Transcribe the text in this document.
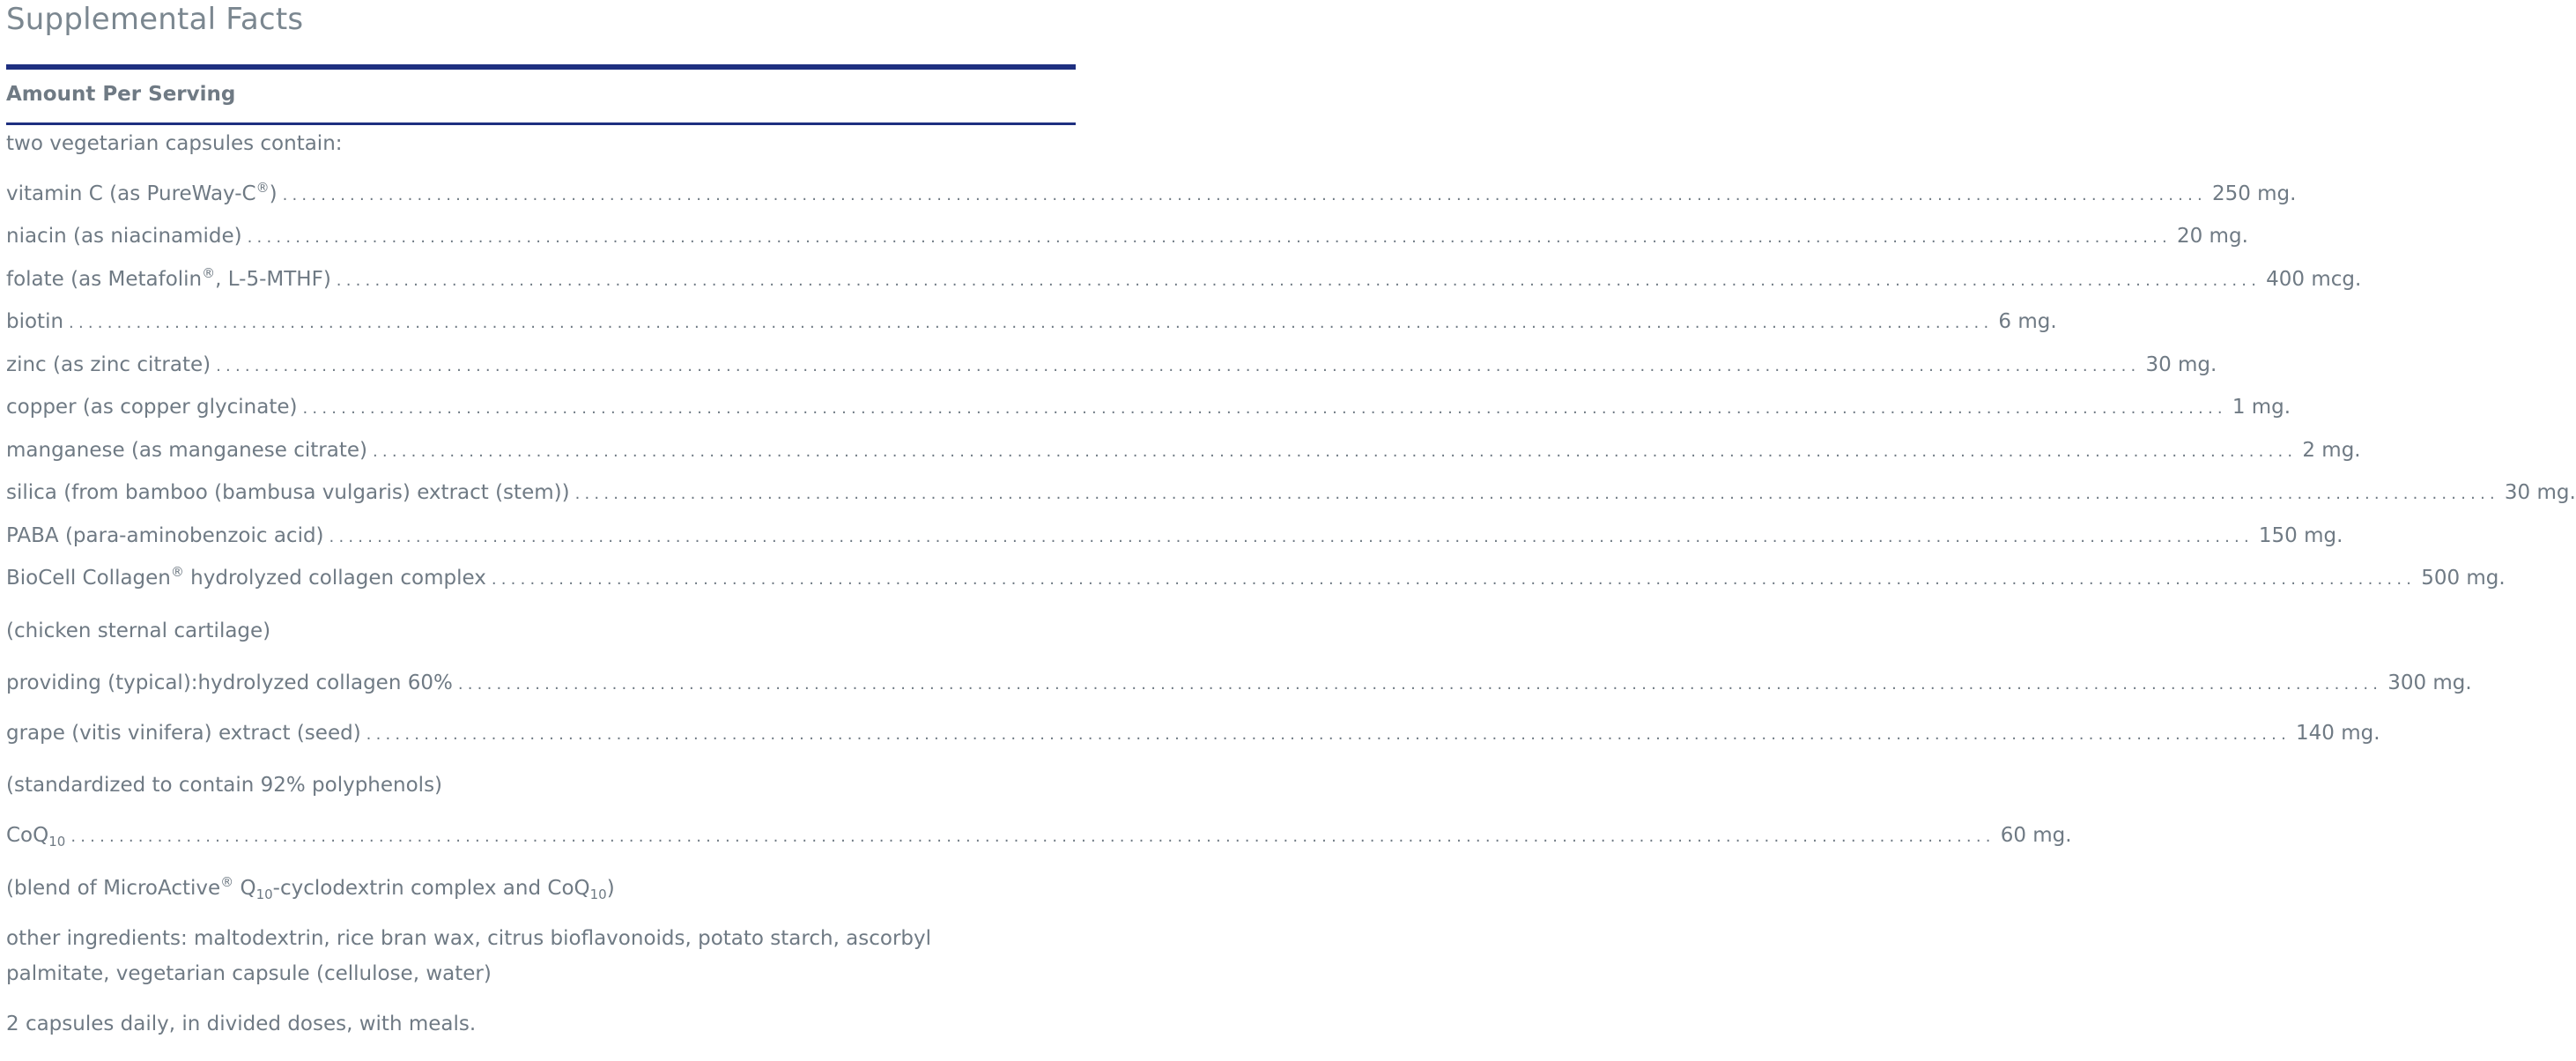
Supplemental Facts
Amount Per Serving
two vegetarian capsules contain:
vitamin C (as PureWay-C®) ........................................................................................................................................................................................................ 250 mg.
niacin (as niacinamide) ........................................................................................................................................................................................................ 20 mg.
folate (as Metafolin®, L-5-MTHF) ........................................................................................................................................................................................................ 400 mcg.
biotin ........................................................................................................................................................................................................ 6 mg.
zinc (as zinc citrate) ........................................................................................................................................................................................................ 30 mg.
copper (as copper glycinate) ........................................................................................................................................................................................................ 1 mg.
manganese (as manganese citrate) ........................................................................................................................................................................................................ 2 mg.
silica (from bamboo (bambusa vulgaris) extract (stem)) ........................................................................................................................................................................................................ 30 mg.
PABA (para-aminobenzoic acid) ........................................................................................................................................................................................................ 150 mg.
BioCell Collagen® hydrolyzed collagen complex ........................................................................................................................................................................................................ 500 mg.
(chicken sternal cartilage)
providing (typical):hydrolyzed collagen 60% ........................................................................................................................................................................................................ 300 mg.
grape (vitis vinifera) extract (seed) ........................................................................................................................................................................................................ 140 mg.
(standardized to contain 92% polyphenols)
CoQ$_{10}$ ........................................................................................................................................................................................................ 60 mg.
(blend of MicroActive® $Q_{10}$-cyclodextrin complex and CoQ$_{10}$)
other ingredients: maltodextrin, rice bran wax, citrus bioflavonoids, potato starch, ascorbyl palmitate, vegetarian capsule (cellulose, water)
2 capsules daily, in divided doses, with meals.
